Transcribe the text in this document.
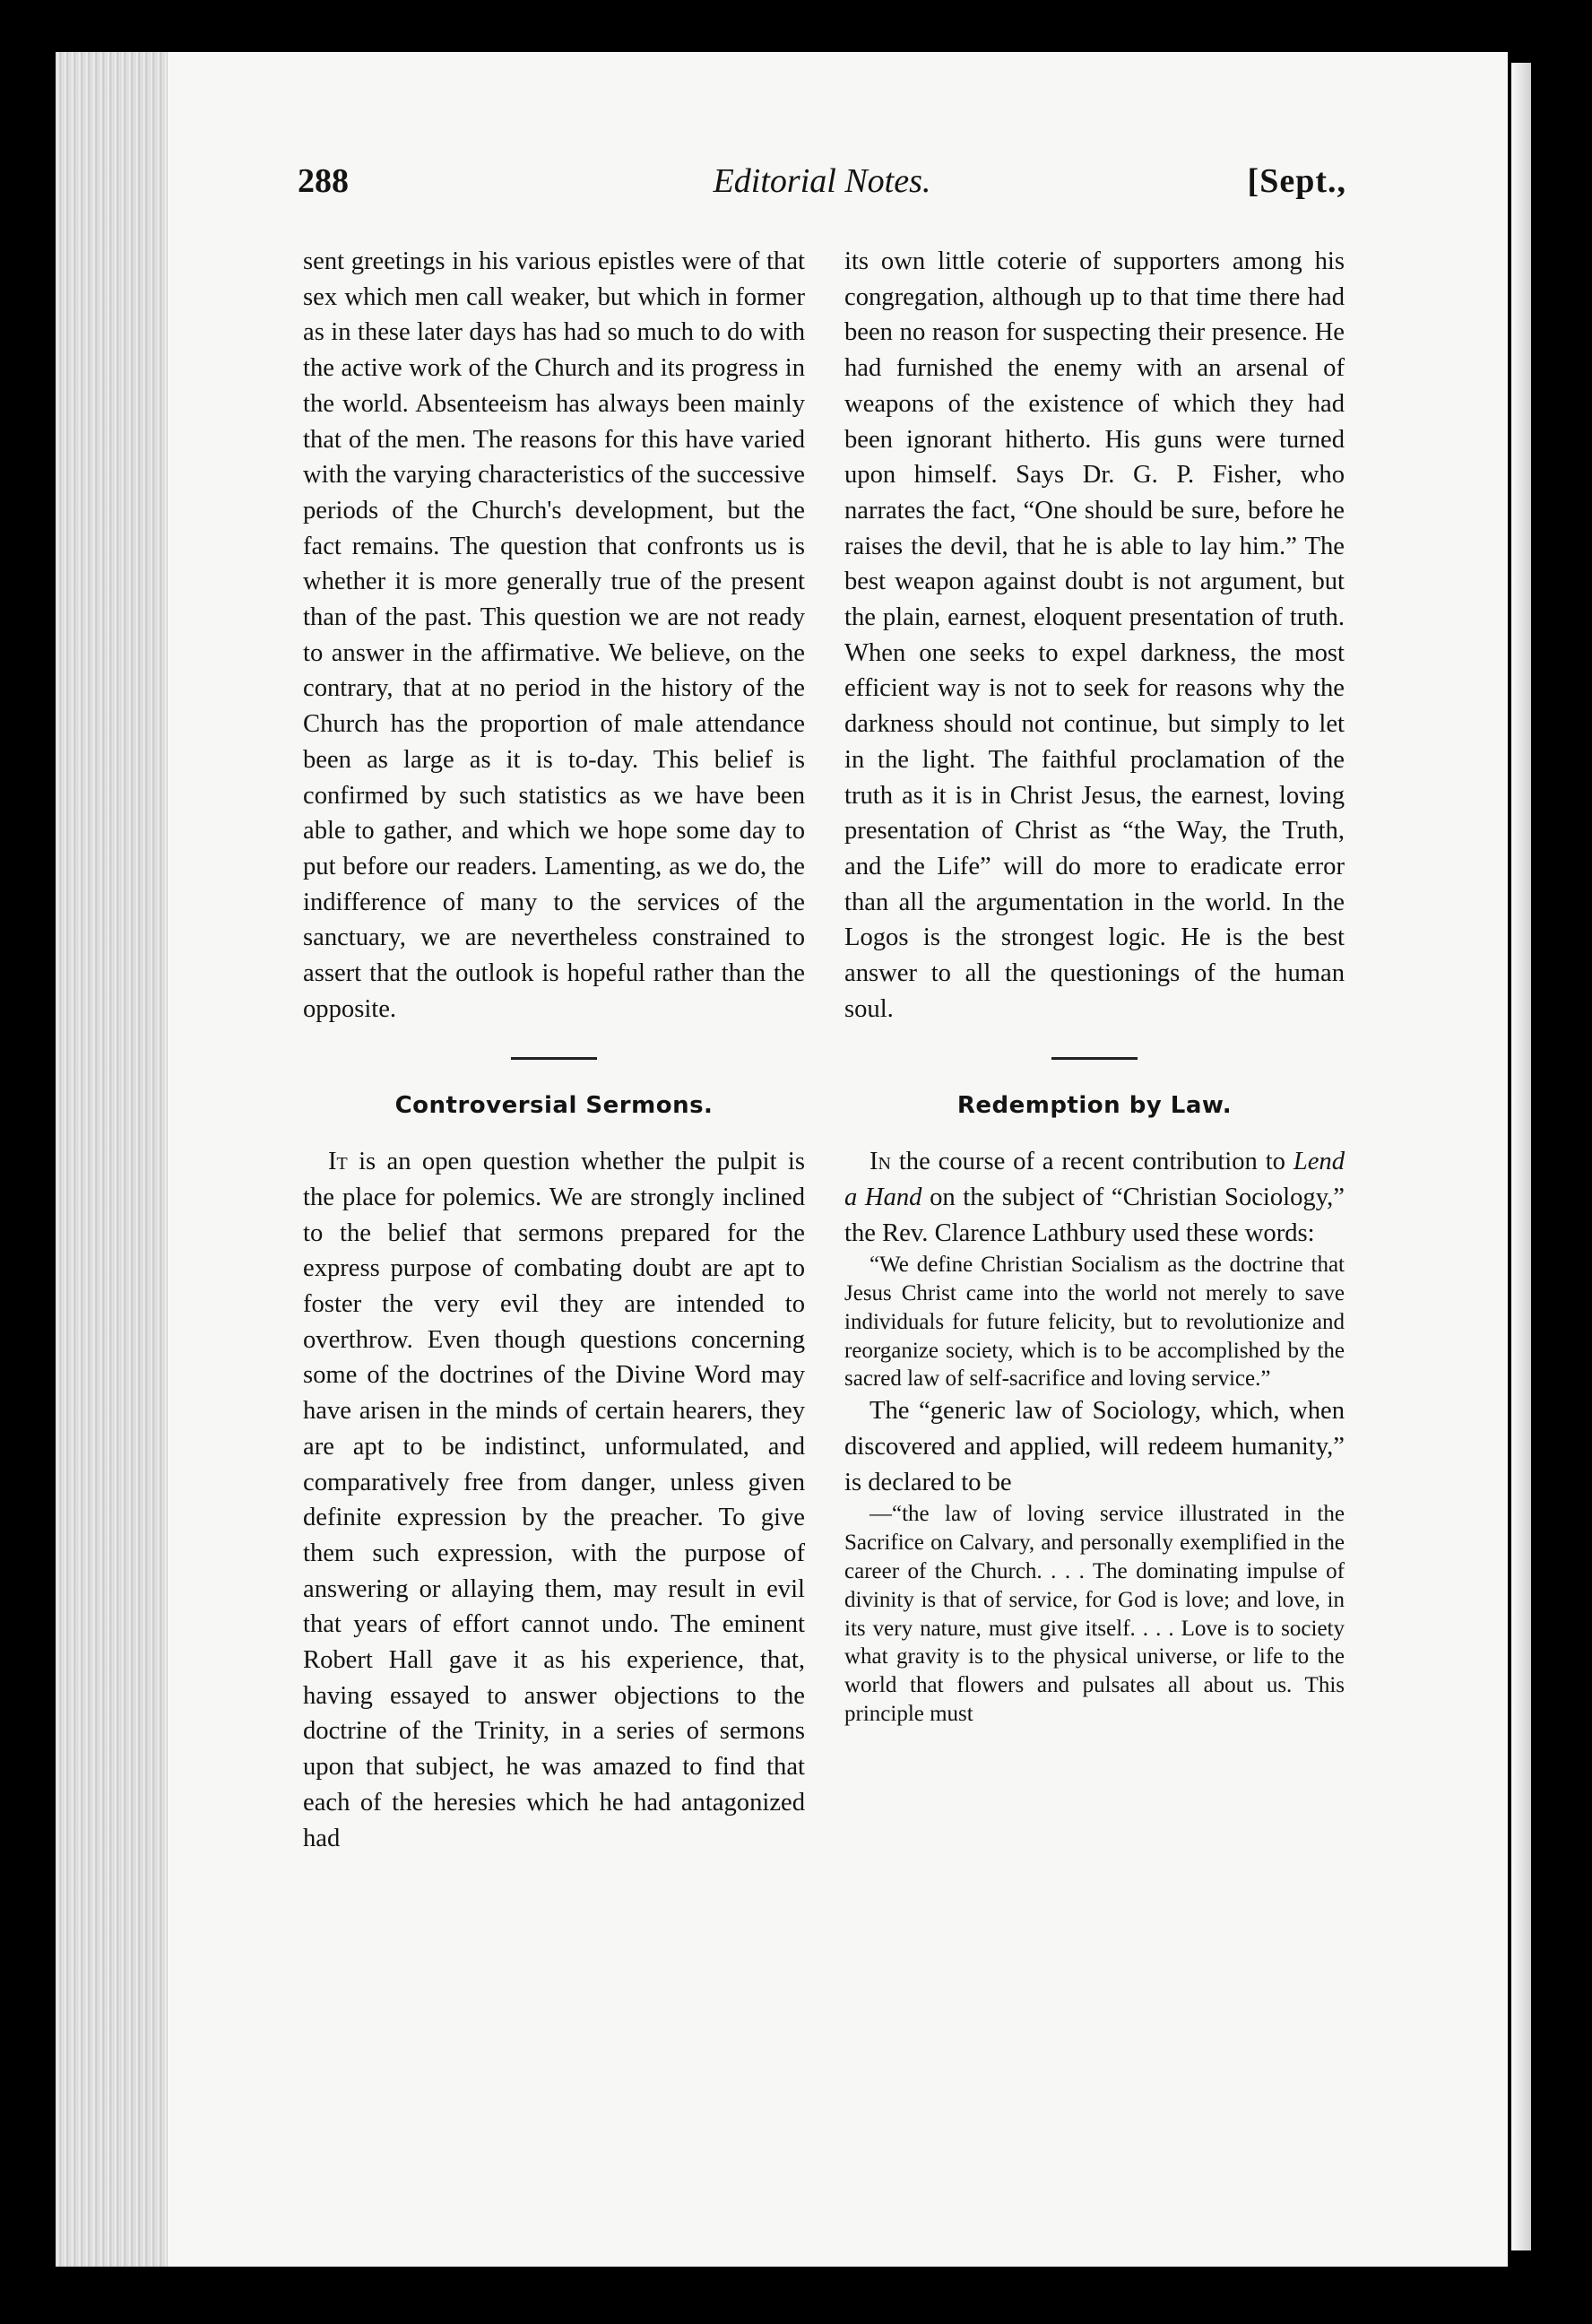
288	Editorial Notes.	[Sept.,

sent greetings in his various epistles were of that sex which men call weaker, but which in former as in these later days has had so much to do with the active work of the Church and its progress in the world. Absenteeism has always been mainly that of the men. The reasons for this have varied with the varying characteristics of the successive periods of the Church's development, but the fact remains. The question that confronts us is whether it is more generally true of the present than of the past. This question we are not ready to answer in the affirmative. We believe, on the contrary, that at no period in the history of the Church has the proportion of male attendance been as large as it is to-day. This belief is confirmed by such statistics as we have been able to gather, and which we hope some day to put before our readers. Lamenting, as we do, the indifference of many to the services of the sanctuary, we are nevertheless constrained to assert that the outlook is hopeful rather than the opposite.

Controversial Sermons.

It is an open question whether the pulpit is the place for polemics. We are strongly inclined to the belief that sermons prepared for the express purpose of combating doubt are apt to foster the very evil they are intended to overthrow. Even though questions concerning some of the doctrines of the Divine Word may have arisen in the minds of certain hearers, they are apt to be indistinct, unformulated, and comparatively free from danger, unless given definite expression by the preacher. To give them such expression, with the purpose of answering or allaying them, may result in evil that years of effort cannot undo. The eminent Robert Hall gave it as his experience, that, having essayed to answer objections to the doctrine of the Trinity, in a series of sermons upon that subject, he was amazed to find that each of the heresies which he had antagonized had

its own little coterie of supporters among his congregation, although up to that time there had been no reason for suspecting their presence. He had furnished the enemy with an arsenal of weapons of the existence of which they had been ignorant hitherto. His guns were turned upon himself. Says Dr. G. P. Fisher, who narrates the fact, “One should be sure, before he raises the devil, that he is able to lay him.” The best weapon against doubt is not argument, but the plain, earnest, eloquent presentation of truth. When one seeks to expel darkness, the most efficient way is not to seek for reasons why the darkness should not continue, but simply to let in the light. The faithful proclamation of the truth as it is in Christ Jesus, the earnest, loving presentation of Christ as “the Way, the Truth, and the Life” will do more to eradicate error than all the argumentation in the world. In the Logos is the strongest logic. He is the best answer to all the questionings of the human soul.

Redemption by Law.

In the course of a recent contribution to Lend a Hand on the subject of “Christian Sociology,” the Rev. Clarence Lathbury used these words:

“We define Christian Socialism as the doctrine that Jesus Christ came into the world not merely to save individuals for future felicity, but to revolutionize and reorganize society, which is to be accomplished by the sacred law of self-sacrifice and loving service.”

The “generic law of Sociology, which, when discovered and applied, will redeem humanity,” is declared to be

—“the law of loving service illustrated in the Sacrifice on Calvary, and personally exemplified in the career of the Church. . . . The dominating impulse of divinity is that of service, for God is love; and love, in its very nature, must give itself. . . . Love is to society what gravity is to the physical universe, or life to the world that flowers and pulsates all about us. This principle must
